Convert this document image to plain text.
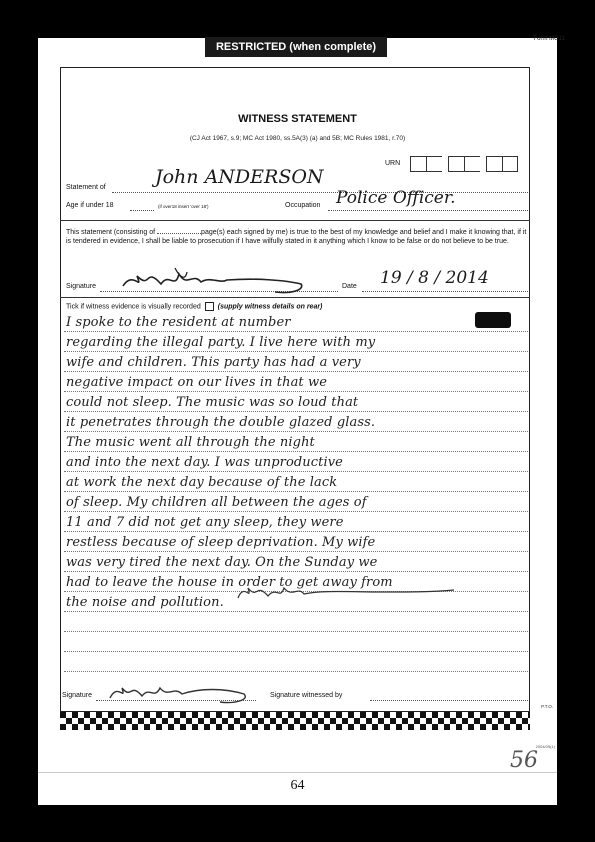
RESTRICTED (when complete)
Form MG11
WITNESS STATEMENT
(CJ Act 1967, s.9; MC Act 1980, ss.5A(3) (a) and 5B; MC Rules 1981, r.70)
URN
Statement of	John ANDERSON
Age if under 18	(if over18 insert 'over 18')	Occupation Police Officer.
This statement (consisting of	page(s) each signed by me) is true to the best of my knowledge and belief and I make it knowing that, if it is tendered in evidence, I shall be liable to prosecution if I have wilfully stated in it anything which I know to be false or do not believe to be true.
Signature	Date 19 / 8 / 2014
Tick if witness evidence is visually recorded (supply witness details on rear)
I spoke to the resident at number
regarding the illegal party. I live here with my
wife and children. This party has had a very
negative impact on our lives in that we
could not sleep. The music was so loud that
it penetrates through the double glazed glass.
The music went all through the night
and into the next day. I was unproductive
at work the next day because of the lack
of sleep. My children all between the ages of
11 and 7 did not get any sleep, they were
restless because of sleep deprivation. My wife
was very tired the next day. On the Sunday we
had to leave the house in order to get away from
the noise and pollution.
Signature	Signature witnessed by
P.T.O.
2004/05(1)
56
64
